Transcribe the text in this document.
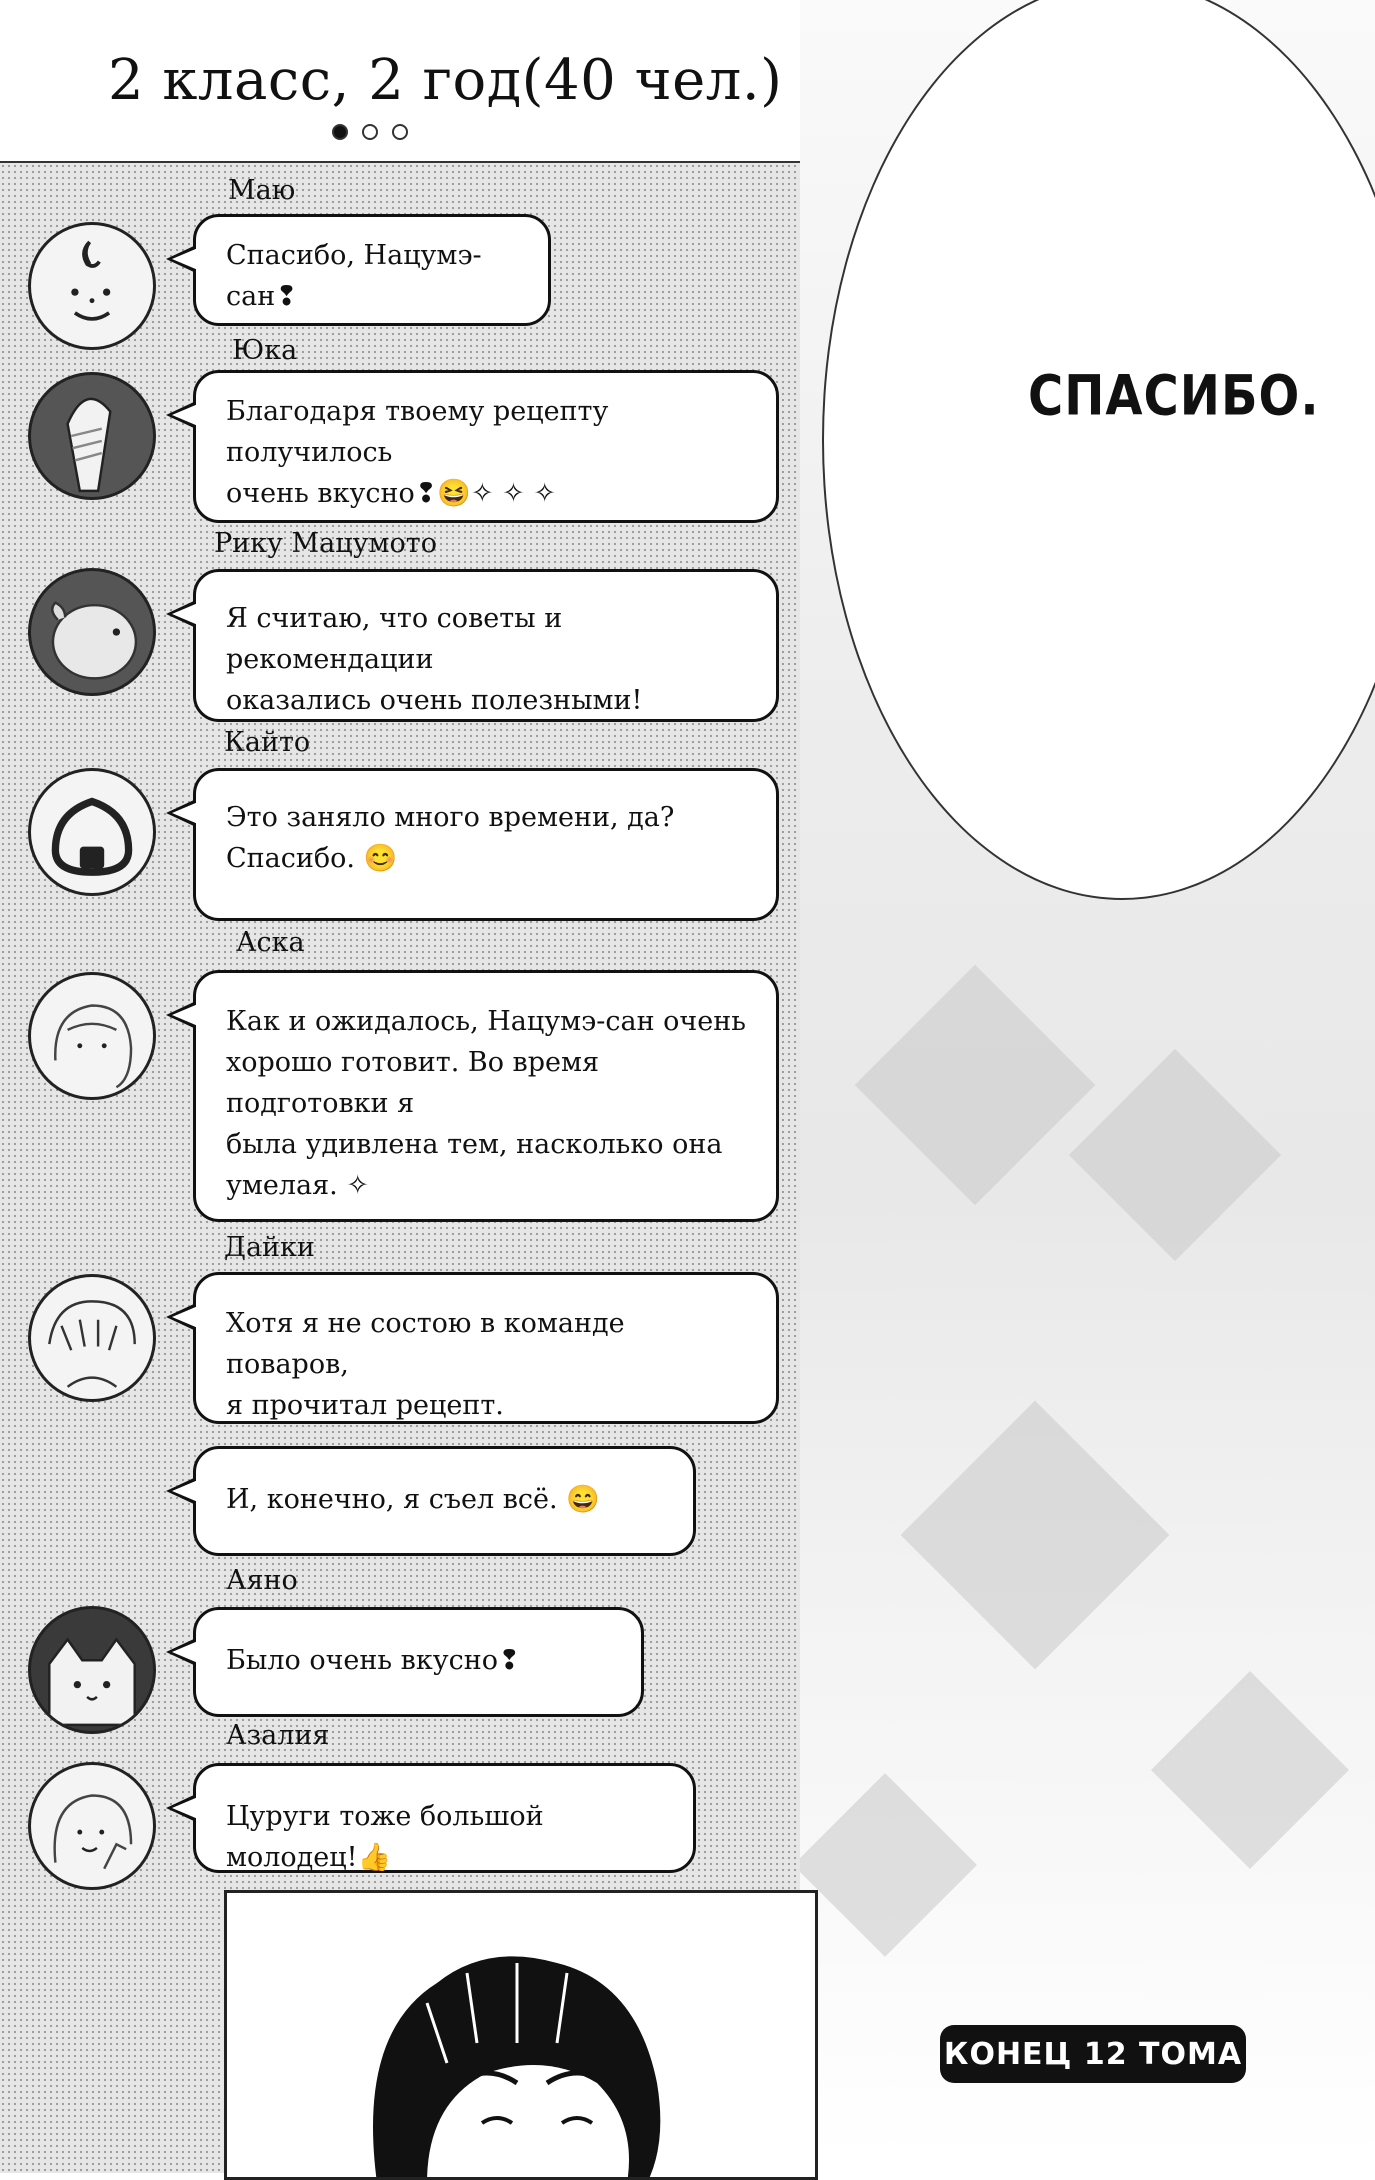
СПАСИБО.
2 класс, 2 год(40 чел.)
Маю
Спасибо, Нацумэ-
сан❢
Юка
Благодаря твоему рецепту получилось
очень вкусно❢😆✧ ✧ ✧
Рику Мацумото
Я считаю, что советы и рекомендации
оказались очень полезными!
Кайто
Это заняло много времени, да?
Спасибо. 😊
Аска
Как и ожидалось, Нацумэ-сан очень
хорошо готовит. Во время подготовки я
была удивлена тем, насколько она
умелая. ✧
Дайки
Хотя я не состою в команде поваров,
я прочитал рецепт.
И, конечно, я съел всё. 😄
Аяно
Было очень вкусно❢
Азалия
Цуруги тоже большой молодец!👍
КОНЕЦ 12 ТОМА
